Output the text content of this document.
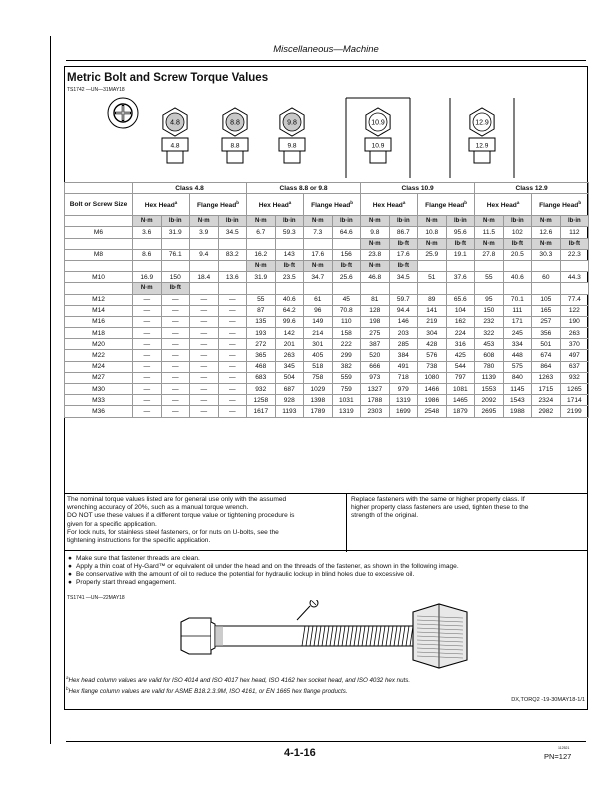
Miscellaneous—Machine
Metric Bolt and Screw Torque Values
TS1742 —UN—31MAY18
4.8
4.8
8.8
8.8
9.8
9.8
10.9
10.9
12.9
12.9
	Class 4.8				Class 8.8 or 9.8				Class 10.9				Class 12.9			
Bolt or Screw Size	Hex Head$^a$		Flange Head$^b$		Hex Head$^a$		Flange Head$^b$		Hex Head$^a$		Flange Head$^b$		Hex Head$^a$		Flange Head$^b$
	N·m	lb·in	N·m	lb·in	N·m	lb·in	N·m	lb·in	N·m	lb·in	N·m	lb·in	N·m	lb·in	N·m	lb·in
M6	3.6	31.9	3.9	34.5	6.7	59.3	7.3	64.6	9.8	86.7	10.8	95.6	11.5	102	12.6	112
									N·m	lb·ft	N·m	lb·ft	N·m	lb·ft	N·m	lb·ft
M8	8.6	76.1	9.4	83.2	16.2	143	17.6	156	23.8	17.6	25.9	19.1	27.8	20.5	30.3	22.3
					N·m	lb·ft	N·m	lb·ft	N·m	lb·ft						
M10	16.9	150	18.4	13.6	31.9	23.5	34.7	25.6	46.8	34.5	51	37.6	55	40.6	60	44.3
	N·m	lb·ft														
M12	—	—	—	—	55	40.6	61	45	81	59.7	89	65.6	95	70.1	105	77.4
M14	—	—	—	—	87	64.2	96	70.8	128	94.4	141	104	150	111	165	122
M16	—	—	—	—	135	99.6	149	110	198	146	219	162	232	171	257	190
M18	—	—	—	—	193	142	214	158	275	203	304	224	322	245	356	263
M20	—	—	—	—	272	201	301	222	387	285	428	316	453	334	501	370
M22	—	—	—	—	365	263	405	299	520	384	576	425	608	448	674	497
M24	—	—	—	—	468	345	518	382	666	491	738	544	780	575	864	637
M27	—	—	—	—	683	504	758	559	973	718	1080	797	1139	840	1263	932
M30	—	—	—	—	932	687	1029	759	1327	979	1466	1081	1553	1145	1715	1265
M33	—	—	—	—	1258	928	1398	1031	1788	1319	1986	1465	2092	1543	2324	1714
M36	—	—	—	—	1617	1193	1789	1319	2303	1699	2548	1879	2695	1988	2982	2199
The nominal torque values listed are for general use only with the assumed
wrenching accuracy of 20%, such as a manual torque wrench.
DO NOT use these values if a different torque value or tightening procedure is
given for a specific application.
For lock nuts, for stainless steel fasteners, or for nuts on U-bolts, see the
tightening instructions for the specific application.
Replace fasteners with the same or higher property class. If
higher property class fasteners are used, tighten these to the
strength of the original.
● Make sure that fastener threads are clean.
● Apply a thin coat of Hy-Gard™ or equivalent oil under the head and on the threads of the fastener, as shown in the following image.
● Be conservative with the amount of oil to reduce the potential for hydraulic lockup in blind holes due to excessive oil.
● Properly start thread engagement.
TS1741 —UN—22MAY18
$^a$Hex head column values are valid for ISO 4014 and ISO 4017 hex head, ISO 4162 hex socket head, and ISO 4032 hex nuts.
$^b$Hex flange column values are valid for ASME B18.2.3.9M, ISO 4161, or EN 1665 hex flange products.
DX,TORQ2 -19-30MAY18-1/1
4-1-16	112521
PN=127
